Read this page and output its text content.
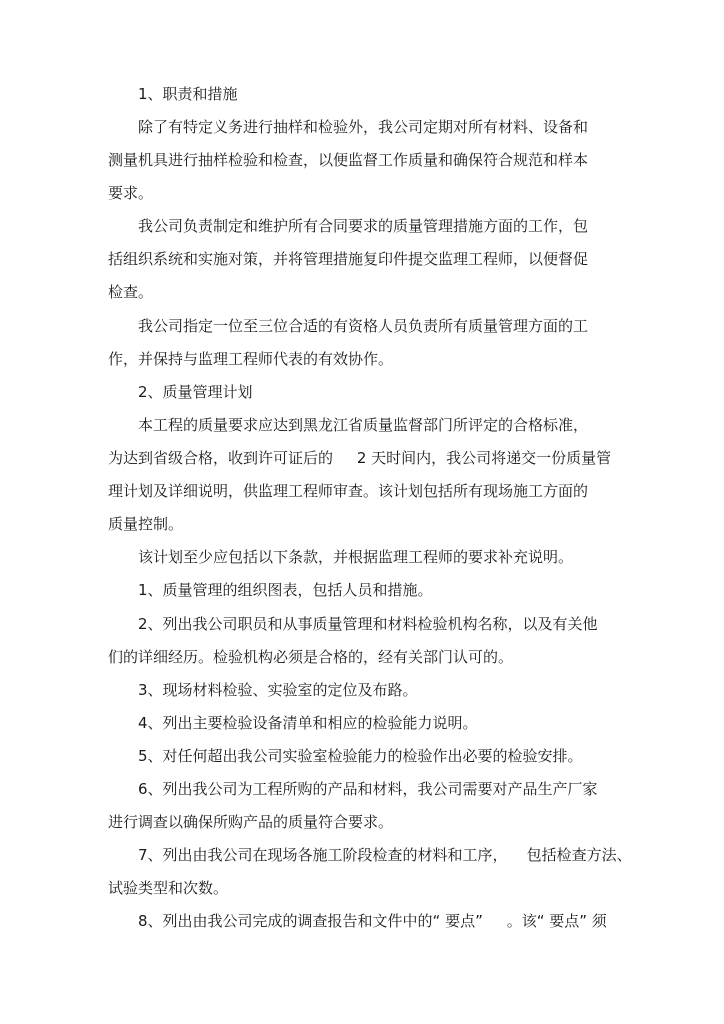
1、职责和措施
除了有特定义务进行抽样和检验外，我公司定期对所有材料、设备和
测量机具进行抽样检验和检查，以便监督工作质量和确保符合规范和样本
要求。
我公司负责制定和维护所有合同要求的质量管理措施方面的工作，包
括组织系统和实施对策，并将管理措施复印件提交监理工程师，以便督促
检查。
我公司指定一位至三位合适的有资格人员负责所有质量管理方面的工
作，并保持与监理工程师代表的有效协作。
2、质量管理计划
本工程的质量要求应达到黑龙江省质量监督部门所评定的合格标准，
为达到省级合格，收到许可证后的     2 天时间内，我公司将递交一份质量管
理计划及详细说明，供监理工程师审查。该计划包括所有现场施工方面的
质量控制。
该计划至少应包括以下条款，并根据监理工程师的要求补充说明。
1、质量管理的组织图表，包括人员和措施。
2、列出我公司职员和从事质量管理和材料检验机构名称，以及有关他
们的详细经历。检验机构必须是合格的，经有关部门认可的。
3、现场材料检验、实验室的定位及布路。
4、列出主要检验设备清单和相应的检验能力说明。
5、对任何超出我公司实验室检验能力的检验作出必要的检验安排。
6、列出我公司为工程所购的产品和材料，我公司需要对产品生产厂家
进行调查以确保所购产品的质量符合要求。
7、列出由我公司在现场各施工阶段检查的材料和工序，    包括检查方法、
试验类型和次数。
8、列出由我公司完成的调查报告和文件中的“ 要点”     。该“ 要点” 须
